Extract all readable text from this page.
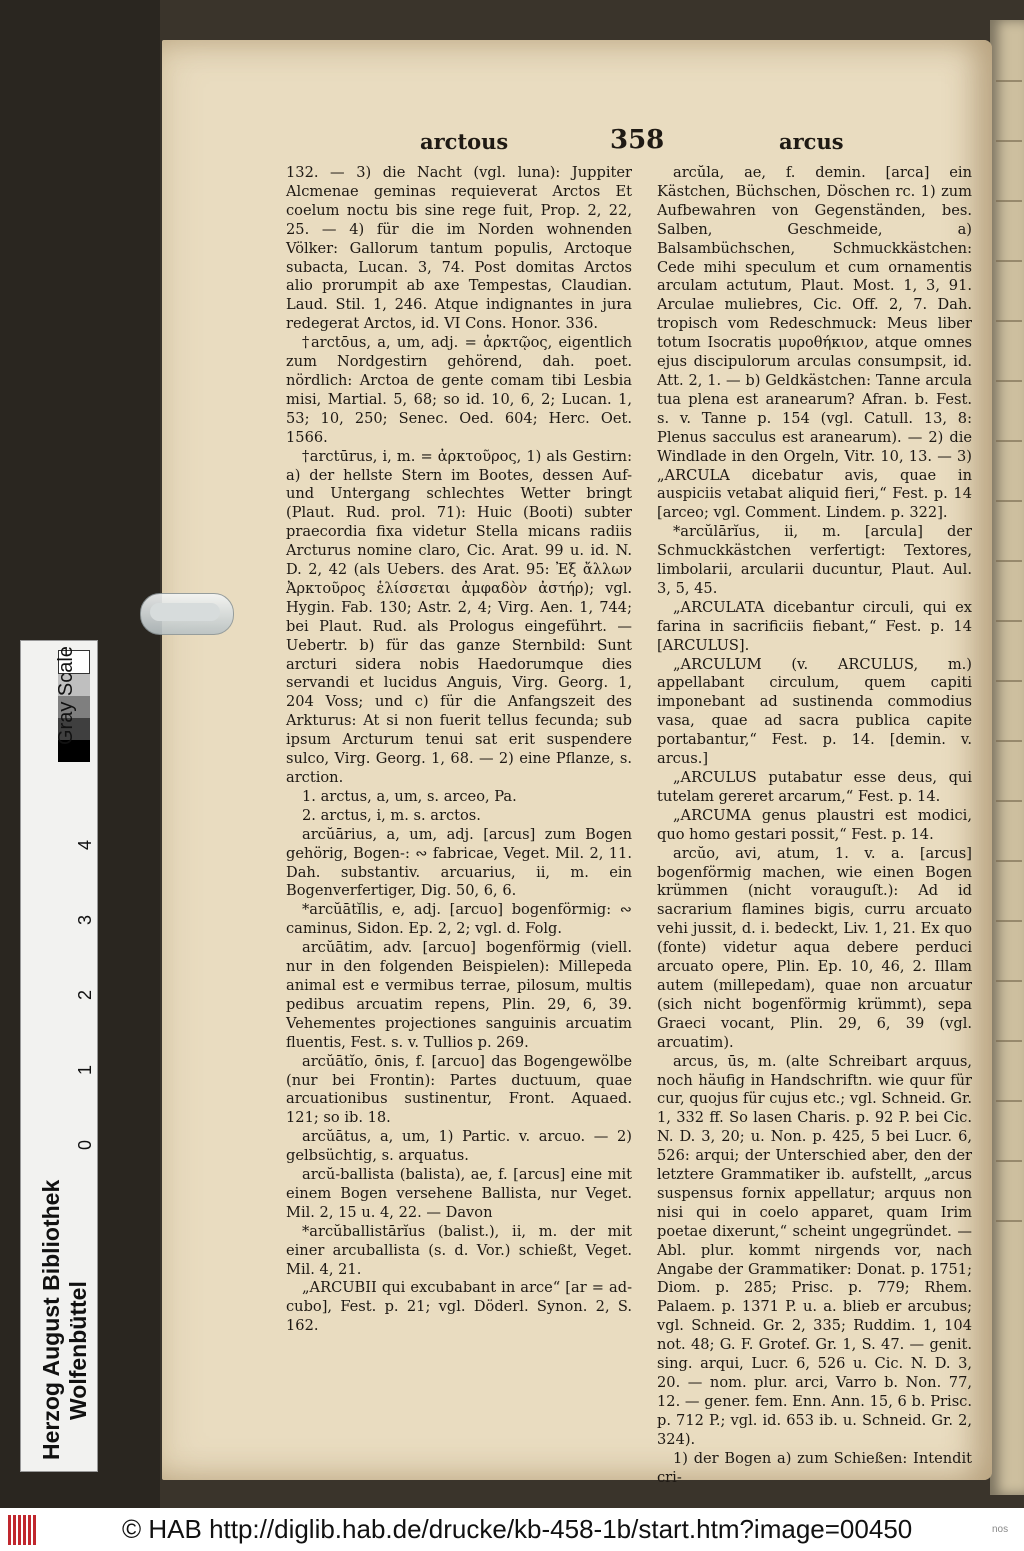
arctous	358	arcus

132. — 3) die Nacht (vgl. luna): Juppiter Alcmenae geminas requieverat Arctos Et coelum noctu bis sine rege fuit, Prop. 2, 22, 25. — 4) für die im Norden wohnenden Völker: Gallorum tantum populis, Arctoque subacta, Lucan. 3, 74. Post domitas Arctos alio prorumpit ab axe Tempestas, Claudian. Laud. Stil. 1, 246. Atque indignantes in jura redegerat Arctos, id. VI Cons. Honor. 336.

†arctōus, a, um, adj. = ἀρκτῷος, eigentlich zum Nordgestirn gehörend, dah. poet. nördlich: Arctoa de gente comam tibi Lesbia misi, Martial. 5, 68; so id. 10, 6, 2; Lucan. 1, 53; 10, 250; Senec. Oed. 604; Herc. Oet. 1566.

†arctūrus, i, m. = ἀρκτοῦρος, 1) als Gestirn: a) der hellste Stern im Bootes, dessen Auf- und Untergang schlechtes Wetter bringt (Plaut. Rud. prol. 71): Huic (Booti) subter praecordia fixa videtur Stella micans radiis Arcturus nomine claro, Cic. Arat. 99 u. id. N. D. 2, 42 (als Uebers. des Arat. 95: Ἐξ ἄλλων Ἀρκτοῦρος ἑλίσσεται ἀμφαδὸν ἀστήρ); vgl. Hygin. Fab. 130; Astr. 2, 4; Virg. Aen. 1, 744; bei Plaut. Rud. als Prologus eingeführt. — Uebertr. b) für das ganze Sternbild: Sunt arcturi sidera nobis Haedorumque dies servandi et lucidus Anguis, Virg. Georg. 1, 204 Voss; und c) für die Anfangszeit des Arkturus: At si non fuerit tellus fecunda; sub ipsum Arcturum tenui sat erit suspendere sulco, Virg. Georg. 1, 68. — 2) eine Pflanze, s. arction.

1. arctus, a, um, s. arceo, Pa.

2. arctus, i, m. s. arctos.

arcŭārius, a, um, adj. [arcus] zum Bogen gehörig, Bogen-: ∾ fabricae, Veget. Mil. 2, 11. Dah. substantiv. arcuarius, ii, m. ein Bogenverfertiger, Dig. 50, 6, 6.

*arcŭātĭlis, e, adj. [arcuo] bogenförmig: ∾ caminus, Sidon. Ep. 2, 2; vgl. d. Folg.

arcŭātim, adv. [arcuo] bogenförmig (viell. nur in den folgenden Beispielen): Millepeda animal est e vermibus terrae, pilosum, multis pedibus arcuatim repens, Plin. 29, 6, 39. Vehementes projectiones sanguinis arcuatim fluentis, Fest. s. v. Tullios p. 269.

arcŭātĭo, ōnis, f. [arcuo] das Bogengewölbe (nur bei Frontin): Partes ductuum, quae arcuationibus sustinentur, Front. Aquaed. 121; so ib. 18.

arcŭātus, a, um, 1) Partic. v. arcuo. — 2) gelbsüchtig, s. arquatus.

arcŭ-ballista (balista), ae, f. [arcus] eine mit einem Bogen versehene Ballista, nur Veget. Mil. 2, 15 u. 4, 22. — Davon

*arcŭballistārĭus (balist.), ii, m. der mit einer arcuballista (s. d. Vor.) schießt, Veget. Mil. 4, 21.

„ARCUBII qui excubabant in arce“ [ar = ad-cubo], Fest. p. 21; vgl. Döderl. Synon. 2, S. 162.

arcŭla, ae, f. demin. [arca] ein Kästchen, Büchschen, Döschen rc. 1) zum Aufbewahren von Gegenständen, bes. Salben, Geschmeide, a) Balsambüchschen, Schmuckkästchen: Cede mihi speculum et cum ornamentis arculam actutum, Plaut. Most. 1, 3, 91. Arculae muliebres, Cic. Off. 2, 7. Dah. tropisch vom Redeschmuck: Meus liber totum Isocratis μυροθήκιον, atque omnes ejus discipulorum arculas consumpsit, id. Att. 2, 1. — b) Geldkästchen: Tanne arcula tua plena est aranearum? Afran. b. Fest. s. v. Tanne p. 154 (vgl. Catull. 13, 8: Plenus sacculus est aranearum). — 2) die Windlade in den Orgeln, Vitr. 10, 13. — 3) „ARCULA dicebatur avis, quae in auspiciis vetabat aliquid fieri,“ Fest. p. 14 [arceo; vgl. Comment. Lindem. p. 322].

*arcŭlārĭus, ii, m. [arcula] der Schmuckkästchen verfertigt: Textores, limbolarii, arcularii ducuntur, Plaut. Aul. 3, 5, 45.

„ARCULATA dicebantur circuli, qui ex farina in sacrificiis fiebant,“ Fest. p. 14 [ARCULUS].

„ARCULUM (v. ARCULUS, m.) appellabant circulum, quem capiti imponebant ad sustinenda commodius vasa, quae ad sacra publica capite portabantur,“ Fest. p. 14. [demin. v. arcus.]

„ARCULUS putabatur esse deus, qui tutelam gereret arcarum,“ Fest. p. 14.

„ARCUMA genus plaustri est modici, quo homo gestari possit,“ Fest. p. 14.

arcŭo, avi, atum, 1. v. a. [arcus] bogenförmig machen, wie einen Bogen krümmen (nicht vorauguſt.): Ad id sacrarium flamines bigis, curru arcuato vehi jussit, d. i. bedeckt, Liv. 1, 21. Ex quo (fonte) videtur aqua debere perduci arcuato opere, Plin. Ep. 10, 46, 2. Illam autem (millepedam), quae non arcuatur (sich nicht bogenförmig krümmt), sepa Graeci vocant, Plin. 29, 6, 39 (vgl. arcuatim).

arcus, ūs, m. (alte Schreibart arquus, noch häufig in Handschriftn. wie quur für cur, quojus für cujus etc.; vgl. Schneid. Gr. 1, 332 ff. So lasen Charis. p. 92 P. bei Cic. N. D. 3, 20; u. Non. p. 425, 5 bei Lucr. 6, 526: arqui; der Unterschied aber, den der letztere Grammatiker ib. aufstellt, „arcus suspensus fornix appellatur; arquus non nisi qui in coelo apparet, quam Irim poetae dixerunt,“ scheint ungegründet. — Abl. plur. kommt nirgends vor, nach Angabe der Grammatiker: Donat. p. 1751; Diom. p. 285; Prisc. p. 779; Rhem. Palaem. p. 1371 P. u. a. blieb er arcubus; vgl. Schneid. Gr. 2, 335; Ruddim. 1, 104 not. 48; G. F. Grotef. Gr. 1, S. 47. — genit. sing. arqui, Lucr. 6, 526 u. Cic. N. D. 3, 20. — nom. plur. arci, Varro b. Non. 77, 12. — gener. fem. Enn. Ann. 15, 6 b. Prisc. p. 712 P.; vgl. id. 653 ib. u. Schneid. Gr. 2, 324).

1) der Bogen a) zum Schießen: Intendit cri-

Gray Scale
0 1 2 3 4
Herzog August Bibliothek Wolfenbüttel
© HAB http://diglib.hab.de/drucke/kb-458-1b/start.htm?image=00450	nos
